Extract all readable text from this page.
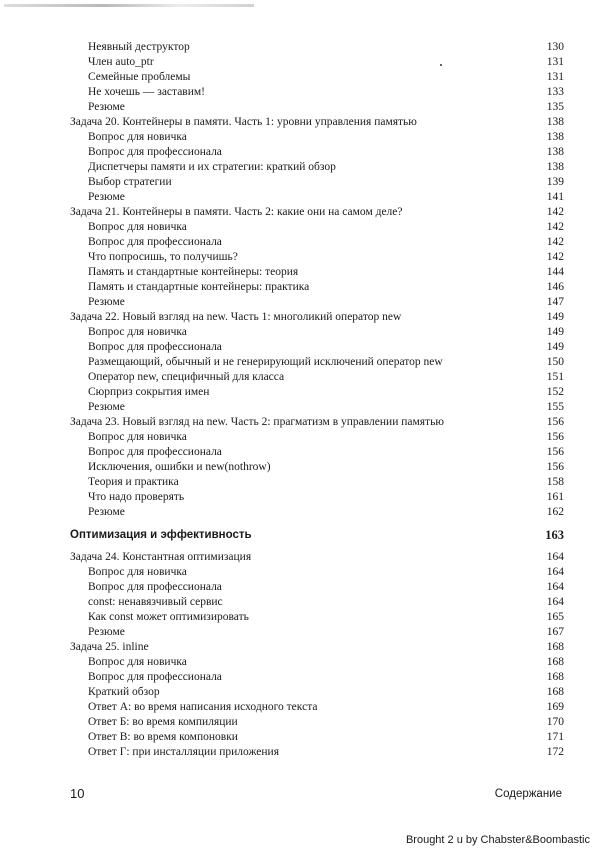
Неявный деструктор	130
Член auto_ptr	131
Семейные проблемы	131
Не хочешь — заставим!	133
Резюме	135
Задача 20. Контейнеры в памяти. Часть 1: уровни управления памятью	138
Вопрос для новичка	138
Вопрос для профессионала	138
Диспетчеры памяти и их стратегии: краткий обзор	138
Выбор стратегии	139
Резюме	141
Задача 21. Контейнеры в памяти. Часть 2: какие они на самом деле?	142
Вопрос для новичка	142
Вопрос для профессионала	142
Что попросишь, то получишь?	142
Память и стандартные контейнеры: теория	144
Память и стандартные контейнеры: практика	146
Резюме	147
Задача 22. Новый взгляд на new. Часть 1: многоликий оператор new	149
Вопрос для новичка	149
Вопрос для профессионала	149
Размещающий, обычный и не генерирующий исключений оператор new	150
Оператор new, специфичный для класса	151
Сюрприз сокрытия имен	152
Резюме	155
Задача 23. Новый взгляд на new. Часть 2: прагматизм в управлении памятью	156
Вопрос для новичка	156
Вопрос для профессионала	156
Исключения, ошибки и new(nothrow)	156
Теория и практика	158
Что надо проверять	161
Резюме	162
Оптимизация и эффективность	163
Задача 24. Константная оптимизация	164
Вопрос для новичка	164
Вопрос для профессионала	164
const: ненавязчивый сервис	164
Как const может оптимизировать	165
Резюме	167
Задача 25. inline	168
Вопрос для новичка	168
Вопрос для профессионала	168
Краткий обзор	168
Ответ А: во время написания исходного текста	169
Ответ Б: во время компиляции	170
Ответ В: во время компоновки	171
Ответ Г: при инсталляции приложения	172
10	Содержание
Brought 2 u by Chabster&Boombastic
